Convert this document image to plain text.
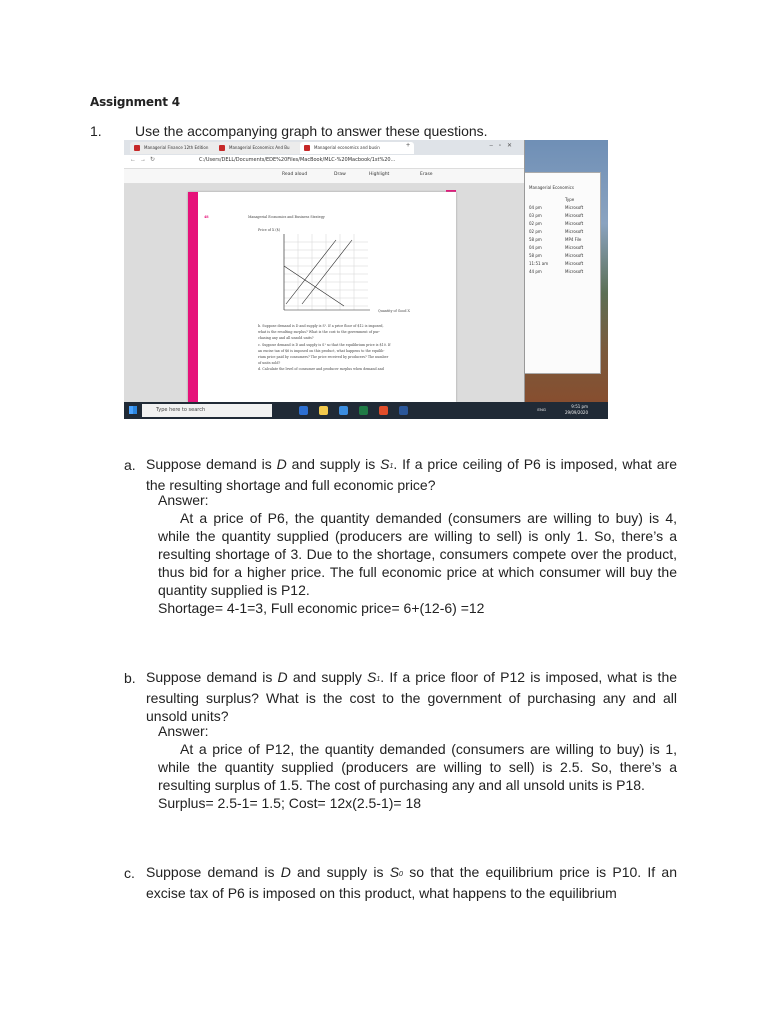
Assignment 4
1. Use the accompanying graph to answer these questions.
Managerial Economics
Type
04 pm	Microsoft
03 pm	Microsoft
02 pm	Microsoft
02 pm	Microsoft
58 pm	MP4 File
04 pm	Microsoft
58 pm	Microsoft
11:51 am	Microsoft
44 pm	Microsoft
Managerial Finance 12th Edition	Managerial Economics And Bu	Managerial economics and busin	+	–▫✕
←→↻	C:/Users/DELL/Documents/EDE%20Files/MacBook/MLC-%20Macbook/1st%20...
Read aloud	Draw	Highlight	Erase
48	Managerial Economics and Business Strategy
Price of X ($)
Quantity of Good X
b. Suppose demand is D and supply is S¹. If a price floor of $12 is imposed,
what is the resulting surplus? What is the cost to the government of pur-
chasing any and all unsold units?
c. Suppose demand is D and supply is S¹ so that the equilibrium price is $10. If
an excise tax of $6 is imposed on this product, what happens to the equilib-
rium price paid by consumers? The price received by producers? The number
of units sold?
d. Calculate the level of consumer and producer surplus when demand and
Type here to search	ENG
9:51 pm
29/09/2020
a. Suppose demand is D and supply is S1. If a price ceiling of P6 is imposed, what are the resulting shortage and full economic price?
Answer:
At a price of P6, the quantity demanded (consumers are willing to buy) is 4, while the quantity supplied (producers are willing to sell) is only 1. So, there’s a resulting shortage of 3. Due to the shortage, consumers compete over the product, thus bid for a higher price. The full economic price at which consumer will buy the quantity supplied is P12.
Shortage= 4-1=3, Full economic price= 6+(12-6) =12
b. Suppose demand is D and supply S1. If a price floor of P12 is imposed, what is the resulting surplus? What is the cost to the government of purchasing any and all unsold units?
Answer:
At a price of P12, the quantity demanded (consumers are willing to buy) is 1, while the quantity supplied (producers are willing to sell) is 2.5. So, there’s a resulting surplus of 1.5. The cost of purchasing any and all unsold units is P18.
Surplus= 2.5-1= 1.5; Cost= 12x(2.5-1)= 18
c. Suppose demand is D and supply is S0 so that the equilibrium price is P10. If an excise tax of P6 is imposed on this product, what happens to the equilibrium
